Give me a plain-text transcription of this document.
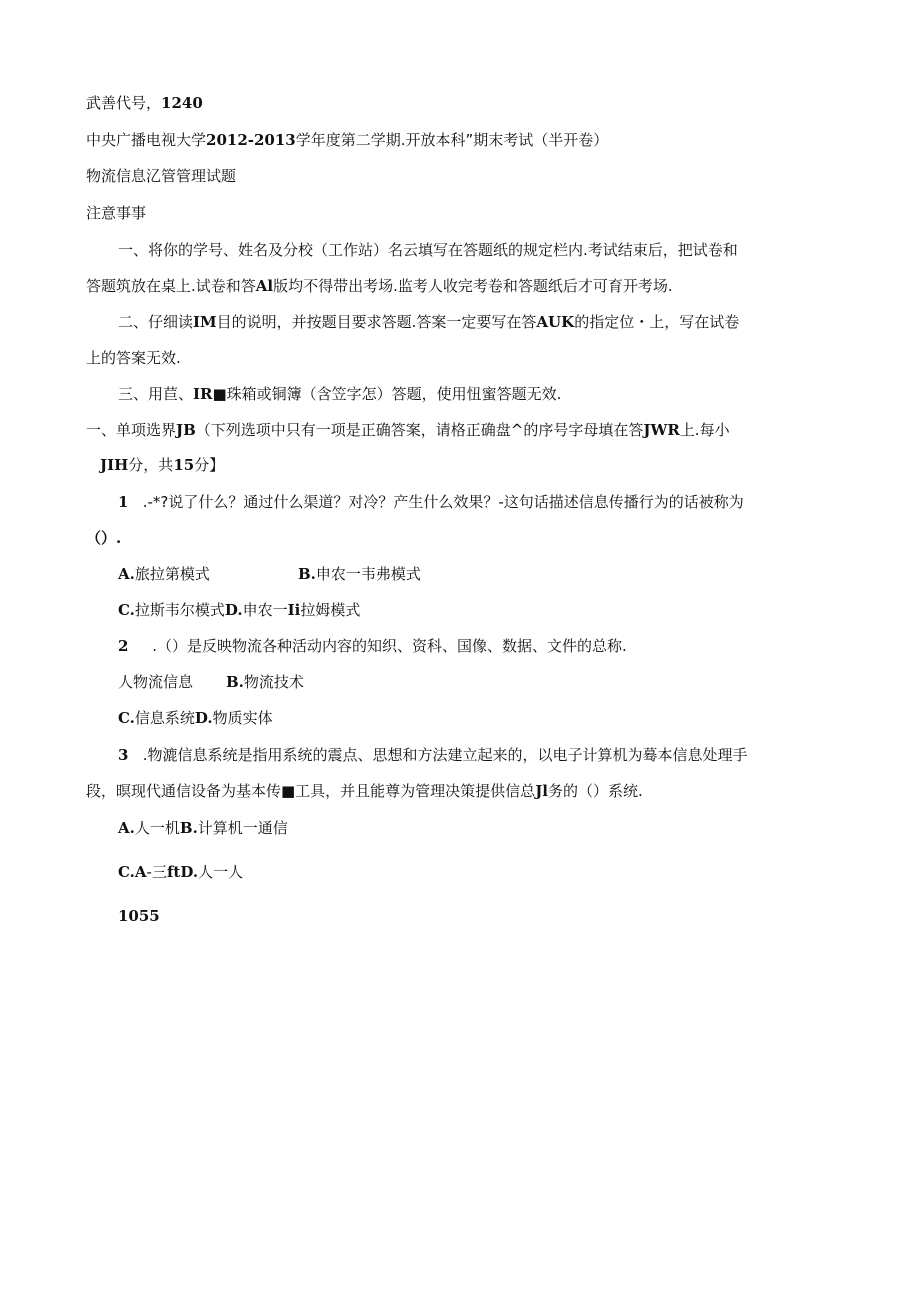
武善代号，1240
中央广播电视大学2012-2013学年度第二学期.开放本科”期末考试（半开卷）
物流信息㲸管管理试题
注意事事
一、将你的学号、姓名及分校（工作站）名云填写在答题纸的规定栏内.考试结束后，把试卷和
答题筑放在桌上.试卷和答Al版均不得带出考场.监考人收完考卷和答题纸后才可育开考场.
二、仔细读IM目的说明，并按题目要求答题.答案一定要写在答AUK的指定位・上，写在试卷
上的答案无效.
三、用苣、IR■珠箱或铜簿（含笠字怎）答题，使用忸蜜答题无效.
一、单项选界JB（下列选项中只有一项是正确答案，请格正确盘^的序号字母填在答JWR上.每小
JIH分，共15分】
1 .-*?说了什么？通过什么渠道？对冷？产生什么效果？-这句话描述信息传播行为的话被称为
（）.
A.旅拉第模式	B.申农一韦弗模式
C.拉斯韦尔模式D.申农一Ii拉姆模式
2 .（）是反映物流各种活动内容的知织、资科、国像、数据、文件的总称.
人物流信息 B.物流技术
C.信息系统D.物质实体
3 .物漉信息系统是指用系统的震点、思想和方法建立起来的，以电子计算机为蓦本信息处理手
段，暝现代通信设备为基本传■工具，并且能尊为管理决策提供信总Jl务的（）系统.
A.人一机B.计算机一通信
C.A-三ftD.人一人
1055
